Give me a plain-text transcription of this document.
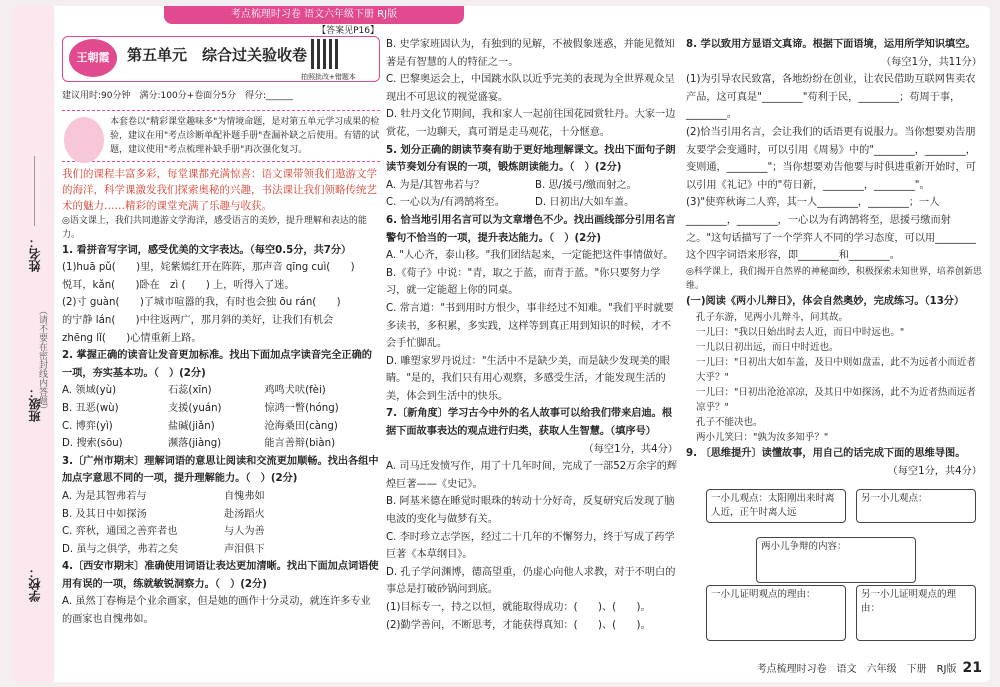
考点梳理时习卷 语文六年级下册 RJ版
姓名：
班级：
学校：
（请不要在密封线内答题）
王朝霞	第五单元　综合过关验收卷
拍照批改+错题本
【答案见P16】
建议用时:90分钟　满分:100分+卷面分5分　得分:______
本套卷以"精彩课堂趣味多"为情境命题，是对第五单元学习成果的检验，建议在用"考点诊断单配补题手册"查漏补缺之后使用。有错的试题，建议使用"考点梳理补缺手册"再次强化复习。
我们的课程丰富多彩，每堂课都充满惊喜：语文课带领我们遨游文学的海洋，科学课激发我们探索奥秘的兴趣，书法课让我们领略传统艺术的魅力……精彩的课堂充满了乐趣与收获。
◎语文课上，我们共同遨游文学海洋，感受语言的美妙，提升理解和表达的能力。
1. 看拼音写字词，感受优美的文字表达。（每空0.5分，共7分）
(1)huā pǔ(　　)里，姹紫嫣红开在阵阵，那声音 qīng cuì(　　)
悦耳，kǎn(　　)卧在　zì (　　) 上，听得入了迷。
(2)寸 guàn(　　)了城市喧嚣的我，有时也会独 ōu rán(　　)
的宁静 lán(　　)中往返两广，那月斜的美好，让我们有机会
zhēng lǐ(　　)心情重新上路。
2. 掌握正确的读音让发音更加标准。找出下面加点字读音完全正确的一项，夯实基本功。（　）(2分)
A. 领域(yù)	石蕊(xīn)	鸡鸣犬吠(fèi)
B. 丑恶(wù)	支援(yuán)	惊鸿一瞥(hóng)
C. 博弈(yì)	盐碱(jiǎn)	沧海桑田(càng)
D. 搜索(sōu)	濒落(jiàng)	能言善辩(biàn)
3.〔广州市期末〕理解词语的意思让阅读和交流更加顺畅。找出各组中加点字意思不同的一项，提升理解能力。（　）(2分)
A. 为是其智弗若与	自愧弗如
B. 及其日中如探汤	赴汤蹈火
C. 弈秋，通国之善弈者也	与人为善
D. 虽与之俱学，弗若之矣	声泪俱下
4.〔西安市期末〕准确使用词语让表达更加清晰。找出下面加点词语使用有误的一项，练就敏锐洞察力。（　）(2分)
A. 虽然丁春梅是个业余画家，但是她的画作十分灵动，就连许多专业的画家也自愧弗如。
B. 史学家班固认为，有独到的见解，不被假象迷惑，并能见微知著是有智慧的人的特征之一。
C. 巴黎奥运会上，中国跳水队以近乎完美的表现为全世界观众呈现出不可思议的视觉盛宴。
D. 牡丹文化节期间，我和家人一起前往国花园赏牡丹。大家一边赏花，一边聊天，真可谓是走马观花，十分惬意。
5. 划分正确的朗读节奏有助于更好地理解课文。找出下面句子朗读节奏划分有误的一项，锻炼朗读能力。（　）(2分)
A. 为是/其智弗若与？	B. 思/援弓/缴而射之。
C. 一心以为/有鸿鹄将至。	D. 日初出/大如车盖。
6. 恰当地引用名言可以为文章增色不少。找出画线部分引用名言警句不恰当的一项，提升表达能力。（　）(2分)
A. "人心齐，泰山移。"我们团结起来，一定能把这件事情做好。
B.《荀子》中说："青，取之于蓝，而青于蓝。"你只要努力学习，就一定能超上你的同桌。
C. 常言道："书到用时方恨少，事非经过不知难。"我们平时就要多读书，多积累，多实践，这样等到真正用到知识的时候，才不会手忙脚乱。
D. 雕塑家罗丹说过："生活中不是缺少美，而是缺少发现美的眼睛。"是的，我们只有用心观察，多感受生活，才能发现生活的美，体会到生活中的快乐。
7.〔新角度〕学习古今中外的名人故事可以给我们带来启迪。根据下面故事表达的观点进行归类，获取人生智慧。（填序号）
（每空1分，共4分）
A. 司马迁发愤写作，用了十几年时间，完成了一部52万余字的辉煌巨著——《史记》。
B. 阿基米德在睡觉时眼珠的转动十分好奇，反复研究后发现了脑电波的变化与做梦有关。
C. 李时珍立志学医，经过二十几年的不懈努力，终于写成了药学巨著《本草纲目》。
D. 孔子学问渊博，德高望重，仍虚心向他人求教，对于不明白的事总是打破砂锅问到底。
(1)目标专一，持之以恒，就能取得成功：(　　)、(　　)。
(2)勤学善问，不断思考，才能获得真知：(　　)、(　　)。
8. 学以致用方显语文真谛。根据下面语境，运用所学知识填空。
（每空1分，共11分）
(1)为引导农民致富，各地纷纷在创业，让农民借助互联网售卖农产品，这可真是"________"苟利于民，________；苟周于事，________。
(2)恰当引用名言，会让我们的话语更有说服力。当你想要劝告朋友要学会变通时，可以引用《周易》中的"________，________，变则通，________"；当你想要劝告他要与时俱进重新开始时，可以引用《礼记》中的"苟日新，________，________"。
(3)"使弈秋诲二人弈，其一人________，________；一人________，________，一心以为有鸿鹄将至，思援弓缴而射之。"这句话描写了一个学弈人不同的学习态度，可以用________这个四字词语来形容，即________和________。
◎科学课上，我们揭开自然界的神秘面纱，积极探索未知世界，培养创新思维。
(一)阅读《两小儿辩日》，体会自然奥妙，完成练习。（13分）
孔子东游，见两小儿辩斗，问其故。
一儿曰："我以日始出时去人近，而日中时远也。"
一儿以日初出远，而日中时近也。
一儿曰："日初出大如车盖，及日中则如盘盂，此不为远者小而近者大乎？"
一儿曰："日初出沧沧凉凉，及其日中如探汤，此不为近者热而远者凉乎？"
孔子不能决也。
两小儿笑曰："孰为汝多知乎？"
9. 〔思维提升〕读懂故事，用自己的话完成下面的思维导图。
（每空1分，共4分）
一小儿观点：太阳刚出来时离人近，正午时离人远
另一小儿观点：
两小儿争辩的内容：
一小儿证明观点的理由：	另一小儿证明观点的理由：
考点梳理时习卷　语文　六年级　下册　RJ版 21
